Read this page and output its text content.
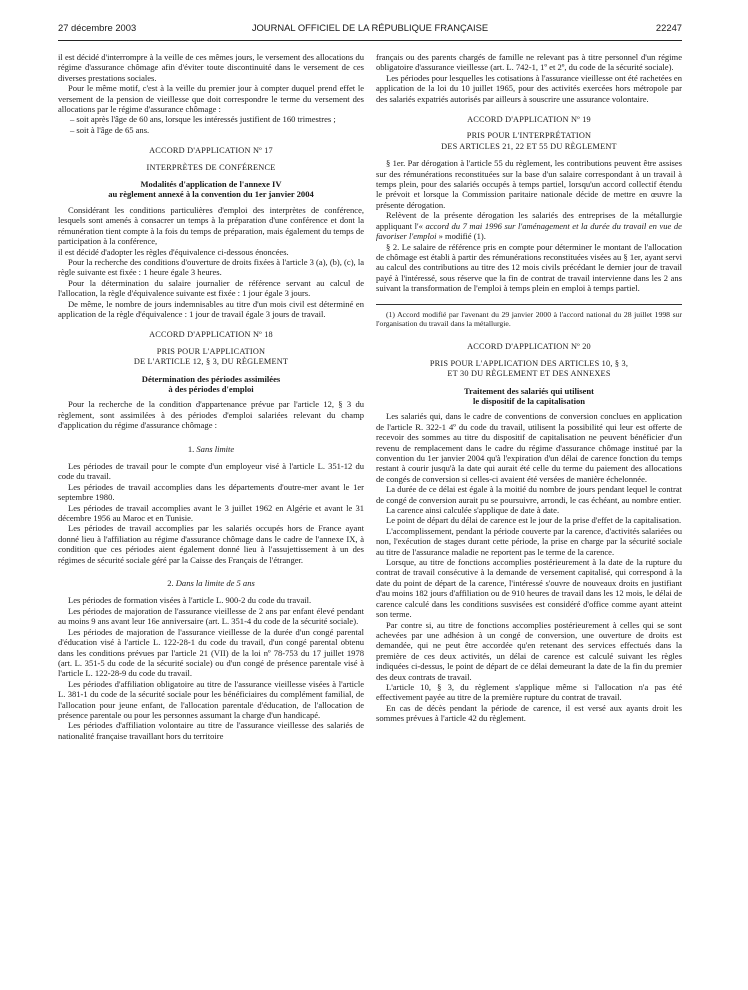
27 décembre 2003	JOURNAL OFFICIEL DE LA RÉPUBLIQUE FRANÇAISE	22247

il est décidé d'interrompre à la veille de ces mêmes jours, le versement des allocations du régime d'assurance chômage afin d'éviter toute discontinuité dans le versement de ces diverses prestations sociales.

Pour le même motif, c'est à la veille du premier jour à compter duquel prend effet le versement de la pension de vieillesse que doit correspondre le terme du versement des allocations par le régime d'assurance chômage :

– soit après l'âge de 60 ans, lorsque les intéressés justifient de 160 trimestres ;

– soit à l'âge de 65 ans.

ACCORD D'APPLICATION Nº 17
INTERPRÈTES DE CONFÉRENCE
Modalités d'application de l'annexe IV
au règlement annexé à la convention du 1er janvier 2004

Considérant les conditions particulières d'emploi des interprètes de conférence, lesquels sont amenés à consacrer un temps à la préparation d'une conférence et dont la rémunération tient compte à la fois du temps de préparation, mais également du temps de participation à la conférence,

il est décidé d'adopter les règles d'équivalence ci-dessous énoncées.

Pour la recherche des conditions d'ouverture de droits fixées à l'article 3 (a), (b), (c), la règle suivante est fixée : 1 heure égale 3 heures.

Pour la détermination du salaire journalier de référence servant au calcul de l'allocation, la règle d'équivalence suivante est fixée : 1 jour égale 3 jours.

De même, le nombre de jours indemnisables au titre d'un mois civil est déterminé en application de la règle d'équivalence : 1 jour de travail égale 3 jours de travail.

ACCORD D'APPLICATION Nº 18
PRIS POUR L'APPLICATION
DE L'ARTICLE 12, § 3, DU RÈGLEMENT
Détermination des périodes assimilées
à des périodes d'emploi

Pour la recherche de la condition d'appartenance prévue par l'article 12, § 3 du règlement, sont assimilées à des périodes d'emploi salariées relevant du champ d'application du régime d'assurance chômage :

1. Sans limite

Les périodes de travail pour le compte d'un employeur visé à l'article L. 351-12 du code du travail.

Les périodes de travail accomplies dans les départements d'outre-mer avant le 1er septembre 1980.

Les périodes de travail accomplies avant le 3 juillet 1962 en Algérie et avant le 31 décembre 1956 au Maroc et en Tunisie.

Les périodes de travail accomplies par les salariés occupés hors de France ayant donné lieu à l'affiliation au régime d'assurance chômage dans le cadre de l'annexe IX, à condition que ces périodes aient également donné lieu à l'assujettissement à un des régimes de sécurité sociale géré par la Caisse des Français de l'étranger.

2. Dans la limite de 5 ans

Les périodes de formation visées à l'article L. 900-2 du code du travail.

Les périodes de majoration de l'assurance vieillesse de 2 ans par enfant élevé pendant au moins 9 ans avant leur 16e anniversaire (art. L. 351-4 du code de la sécurité sociale).

Les périodes de majoration de l'assurance vieillesse de la durée d'un congé parental d'éducation visé à l'article L. 122-28-1 du code du travail, d'un congé parental obtenu dans les conditions prévues par l'article 21 (VII) de la loi nº 78-753 du 17 juillet 1978 (art. L. 351-5 du code de la sécurité sociale) ou d'un congé de présence parentale visé à l'article L. 122-28-9 du code du travail.

Les périodes d'affiliation obligatoire au titre de l'assurance vieillesse visées à l'article L. 381-1 du code de la sécurité sociale pour les bénéficiaires du complément familial, de l'allocation pour jeune enfant, de l'allocation parentale d'éducation, de l'allocation de présence parentale ou pour les personnes assumant la charge d'un handicapé.

Les périodes d'affiliation volontaire au titre de l'assurance vieillesse des salariés de nationalité française travaillant hors du territoire

français ou des parents chargés de famille ne relevant pas à titre personnel d'un régime obligatoire d'assurance vieillesse (art. L. 742-1, 1º et 2º, du code de la sécurité sociale).

Les périodes pour lesquelles les cotisations à l'assurance vieillesse ont été rachetées en application de la loi du 10 juillet 1965, pour des activités exercées hors métropole par des salariés expatriés autorisés par ailleurs à souscrire une assurance volontaire.

ACCORD D'APPLICATION Nº 19
PRIS POUR L'INTERPRÉTATION
DES ARTICLES 21, 22 ET 55 DU RÈGLEMENT

§ 1er. Par dérogation à l'article 55 du règlement, les contributions peuvent être assises sur des rémunérations reconstituées sur la base d'un salaire correspondant à un travail à temps plein, pour des salariés occupés à temps partiel, lorsqu'un accord collectif étendu le prévoit et lorsque la Commission paritaire nationale décide de mettre en œuvre la présente dérogation.

Relèvent de la présente dérogation les salariés des entreprises de la métallurgie appliquant l'« accord du 7 mai 1996 sur l'aménagement et la durée du travail en vue de favoriser l'emploi » modifié (1).

§ 2. Le salaire de référence pris en compte pour déterminer le montant de l'allocation de chômage est établi à partir des rémunérations reconstituées visées au § 1er, ayant servi au calcul des contributions au titre des 12 mois civils précédant le dernier jour de travail payé à l'intéressé, sous réserve que la fin de contrat de travail intervienne dans les 2 ans suivant la transformation de l'emploi à temps plein en emploi à temps partiel.

(1) Accord modifié par l'avenant du 29 janvier 2000 à l'accord national du 28 juillet 1998 sur l'organisation du travail dans la métallurgie.

ACCORD D'APPLICATION Nº 20
PRIS POUR L'APPLICATION DES ARTICLES 10, § 3,
ET 30 DU RÈGLEMENT ET DES ANNEXES
Traitement des salariés qui utilisent
le dispositif de la capitalisation

Les salariés qui, dans le cadre de conventions de conversion conclues en application de l'article R. 322-1 4º du code du travail, utilisent la possibilité qui leur est offerte de recevoir des sommes au titre du dispositif de capitalisation ne peuvent bénéficier d'un revenu de remplacement dans le cadre du régime d'assurance chômage institué par la convention du 1er janvier 2004 qu'à l'expiration d'un délai de carence fonction du temps restant à courir jusqu'à la date qui aurait été celle du terme du paiement des allocations de congés de conversion si celles-ci avaient été versées de manière échelonnée.

La durée de ce délai est égale à la moitié du nombre de jours pendant lequel le contrat de congé de conversion aurait pu se poursuivre, arrondi, le cas échéant, au nombre entier.

La carence ainsi calculée s'applique de date à date.

Le point de départ du délai de carence est le jour de la prise d'effet de la capitalisation.

L'accomplissement, pendant la période couverte par la carence, d'activités salariées ou non, l'exécution de stages durant cette période, la prise en charge par la sécurité sociale au titre de l'assurance maladie ne reportent pas le terme de la carence.

Lorsque, au titre de fonctions accomplies postérieurement à la date de la rupture du contrat de travail consécutive à la demande de versement capitalisé, qui correspond à la date du point de départ de la carence, l'intéressé s'ouvre de nouveaux droits en justifiant d'au moins 182 jours d'affiliation ou de 910 heures de travail dans les 12 mois, le délai de carence calculé dans les conditions susvisées est considéré d'office comme ayant atteint son terme.

Par contre si, au titre de fonctions accomplies postérieurement à celles qui se sont achevées par une adhésion à un congé de conversion, une ouverture de droits est demandée, qui ne peut être accordée qu'en retenant des services effectués dans la première de ces deux activités, un délai de carence est calculé suivant les règles indiquées ci-dessus, le point de départ de ce délai demeurant la date de la fin du premier des deux contrats de travail.

L'article 10, § 3, du règlement s'applique même si l'allocation n'a pas été effectivement payée au titre de la première rupture du contrat de travail.

En cas de décès pendant la période de carence, il est versé aux ayants droit les sommes prévues à l'article 42 du règlement.
